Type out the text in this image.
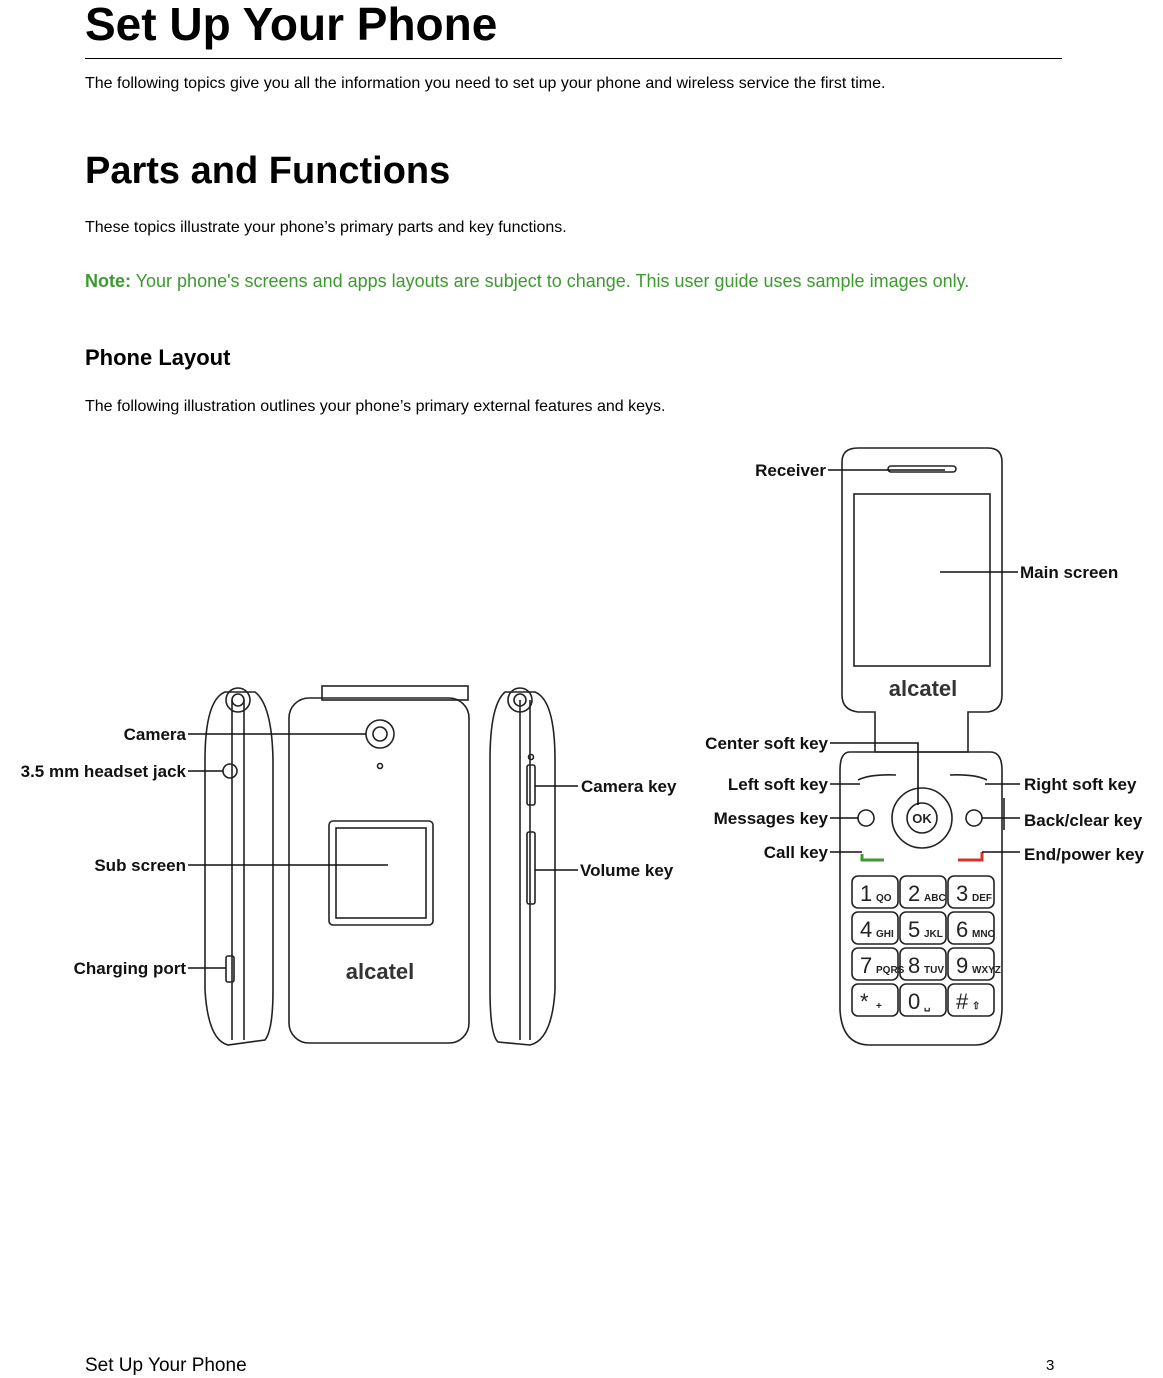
Set Up Your Phone

The following topics give you all the information you need to set up your phone and wireless service the first time.

Parts and Functions

These topics illustrate your phone’s primary parts and key functions.

Note: Your phone's screens and apps layouts are subject to change. This user guide uses sample images only.

Phone Layout

The following illustration outlines your phone’s primary external features and keys.

alcatel
alcatel
OK
1 QO 2 ABC 3 DEF
4 GHI 5 JKL 6 MNO
7 PQRS 8 TUV 9 WXYZ
* + 0 ␣ # ⇧
Receiver
Main screen
Camera
3.5 mm headset jack
Sub screen
Charging port
Camera key
Volume key
Center soft key
Left soft key
Messages key
Call key
Right soft key
Back/clear key
End/power key
Set Up Your Phone	3
